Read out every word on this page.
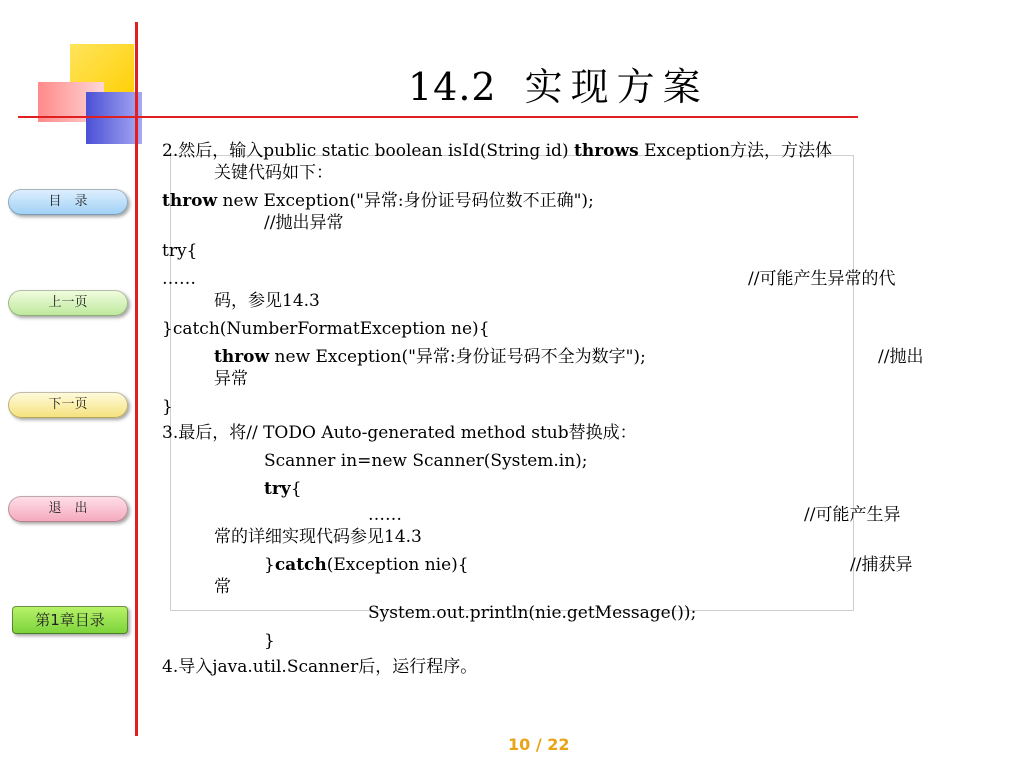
14.2 实现方案
目　录
上一页
下一页
退　出
第1章目录
2.然后，输入public static boolean isId(String id) throws Exception方法，方法体
关键代码如下：
throw new Exception("异常:身份证号码位数不正确");
//抛出异常
try{
……	//可能产生异常的代
码，参见14.3
}catch(NumberFormatException ne){
throw new Exception("异常:身份证号码不全为数字");	//抛出
异常
}
3.最后，将// TODO Auto-generated method stub替换成：
Scanner in=new Scanner(System.in);
try{
……	//可能产生异
常的详细实现代码参见14.3
}catch(Exception nie){	//捕获异
常
System.out.println(nie.getMessage());
}
4.导入java.util.Scanner后，运行程序。
10 / 22
